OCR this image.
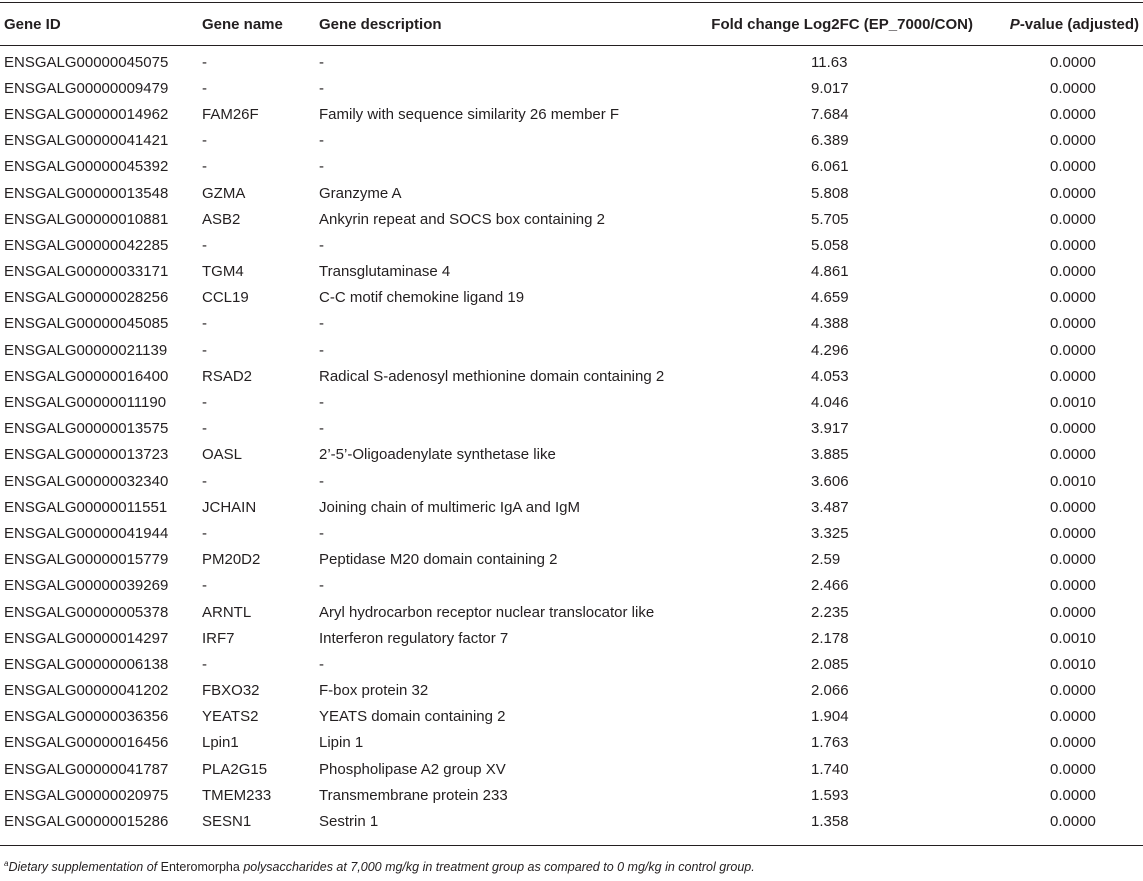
Gene ID	Gene name	Gene description	Fold change Log2FC (EP_7000/CON)	P-value (adjusted)
ENSGALG00000045075	-	-	11.63	0.0000
ENSGALG00000009479	-	-	9.017	0.0000
ENSGALG00000014962	FAM26F	Family with sequence similarity 26 member F	7.684	0.0000
ENSGALG00000041421	-	-	6.389	0.0000
ENSGALG00000045392	-	-	6.061	0.0000
ENSGALG00000013548	GZMA	Granzyme A	5.808	0.0000
ENSGALG00000010881	ASB2	Ankyrin repeat and SOCS box containing 2	5.705	0.0000
ENSGALG00000042285	-	-	5.058	0.0000
ENSGALG00000033171	TGM4	Transglutaminase 4	4.861	0.0000
ENSGALG00000028256	CCL19	C-C motif chemokine ligand 19	4.659	0.0000
ENSGALG00000045085	-	-	4.388	0.0000
ENSGALG00000021139	-	-	4.296	0.0000
ENSGALG00000016400	RSAD2	Radical S-adenosyl methionine domain containing 2	4.053	0.0000
ENSGALG00000011190	-	-	4.046	0.0010
ENSGALG00000013575	-	-	3.917	0.0000
ENSGALG00000013723	OASL	2’-5’-Oligoadenylate synthetase like	3.885	0.0000
ENSGALG00000032340	-	-	3.606	0.0010
ENSGALG00000011551	JCHAIN	Joining chain of multimeric IgA and IgM	3.487	0.0000
ENSGALG00000041944	-	-	3.325	0.0000
ENSGALG00000015779	PM20D2	Peptidase M20 domain containing 2	2.59	0.0000
ENSGALG00000039269	-	-	2.466	0.0000
ENSGALG00000005378	ARNTL	Aryl hydrocarbon receptor nuclear translocator like	2.235	0.0000
ENSGALG00000014297	IRF7	Interferon regulatory factor 7	2.178	0.0010
ENSGALG00000006138	-	-	2.085	0.0010
ENSGALG00000041202	FBXO32	F-box protein 32	2.066	0.0000
ENSGALG00000036356	YEATS2	YEATS domain containing 2	1.904	0.0000
ENSGALG00000016456	Lpin1	Lipin 1	1.763	0.0000
ENSGALG00000041787	PLA2G15	Phospholipase A2 group XV	1.740	0.0000
ENSGALG00000020975	TMEM233	Transmembrane protein 233	1.593	0.0000
ENSGALG00000015286	SESN1	Sestrin 1	1.358	0.0000
$^a$Dietary supplementation of Enteromorpha polysaccharides at 7,000 mg/kg in treatment group as compared to 0 mg/kg in control group.
